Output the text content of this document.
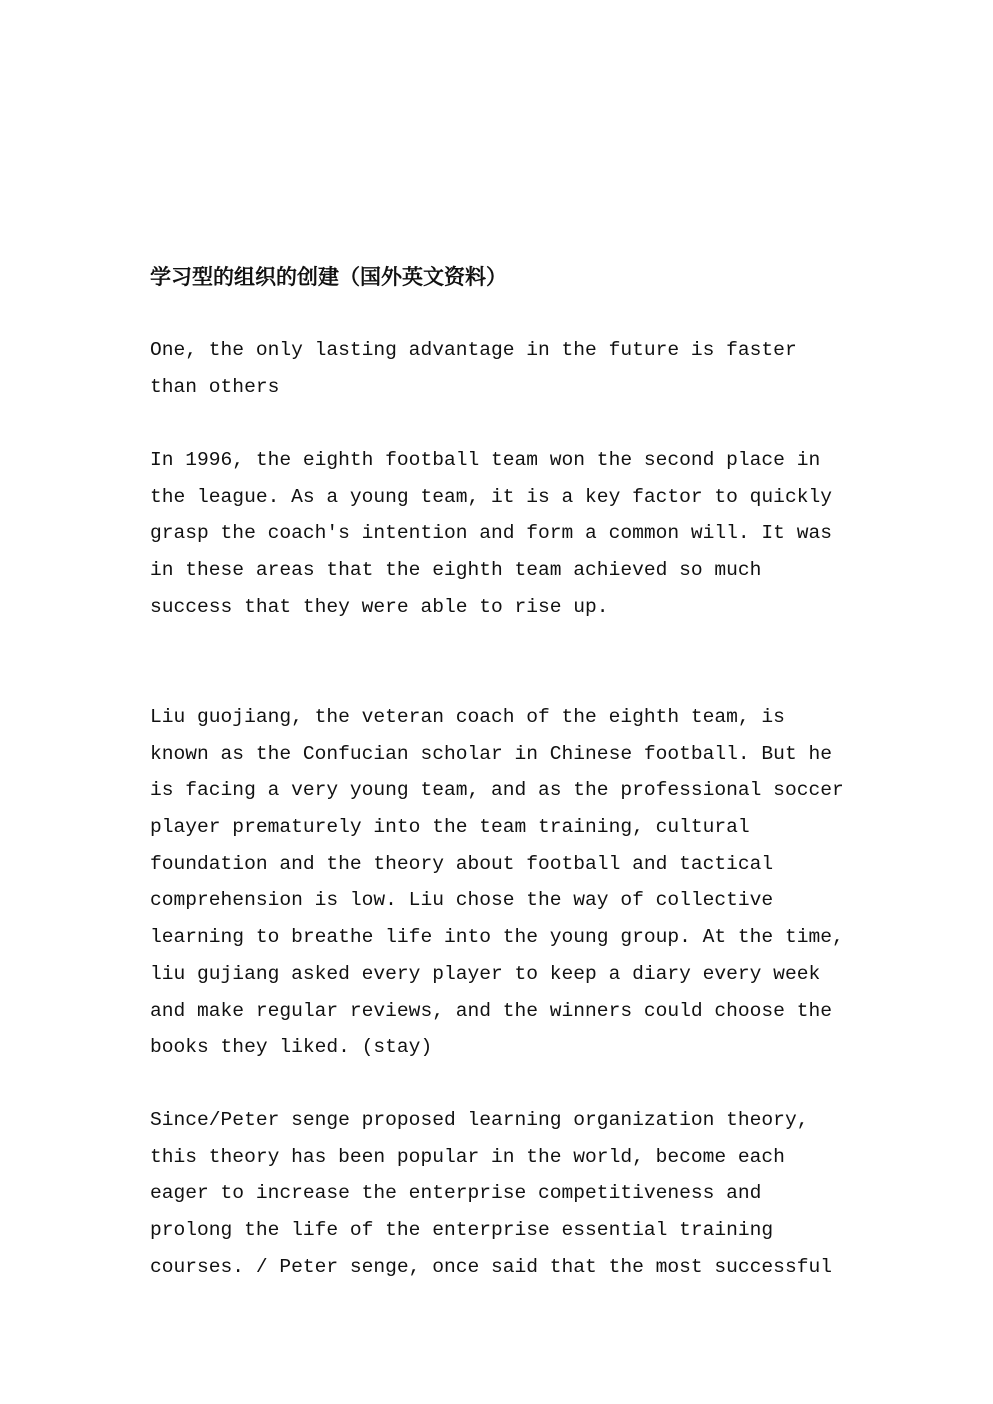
学习型的组织的创建（国外英文资料）
One, the only lasting advantage in the future is faster
than others
In 1996, the eighth football team won the second place in
the league. As a young team, it is a key factor to quickly
grasp the coach's intention and form a common will. It was
in these areas that the eighth team achieved so much
success that they were able to rise up.
Liu guojiang, the veteran coach of the eighth team, is
known as the Confucian scholar in Chinese football. But he
is facing a very young team, and as the professional soccer
player prematurely into the team training, cultural
foundation and the theory about football and tactical
comprehension is low. Liu chose the way of collective
learning to breathe life into the young group. At the time,
liu gujiang asked every player to keep a diary every week
and make regular reviews, and the winners could choose the
books they liked. (stay)
Since/Peter senge proposed learning organization theory,
this theory has been popular in the world, become each
eager to increase the enterprise competitiveness and
prolong the life of the enterprise essential training
courses. / Peter senge, once said that the most successful
